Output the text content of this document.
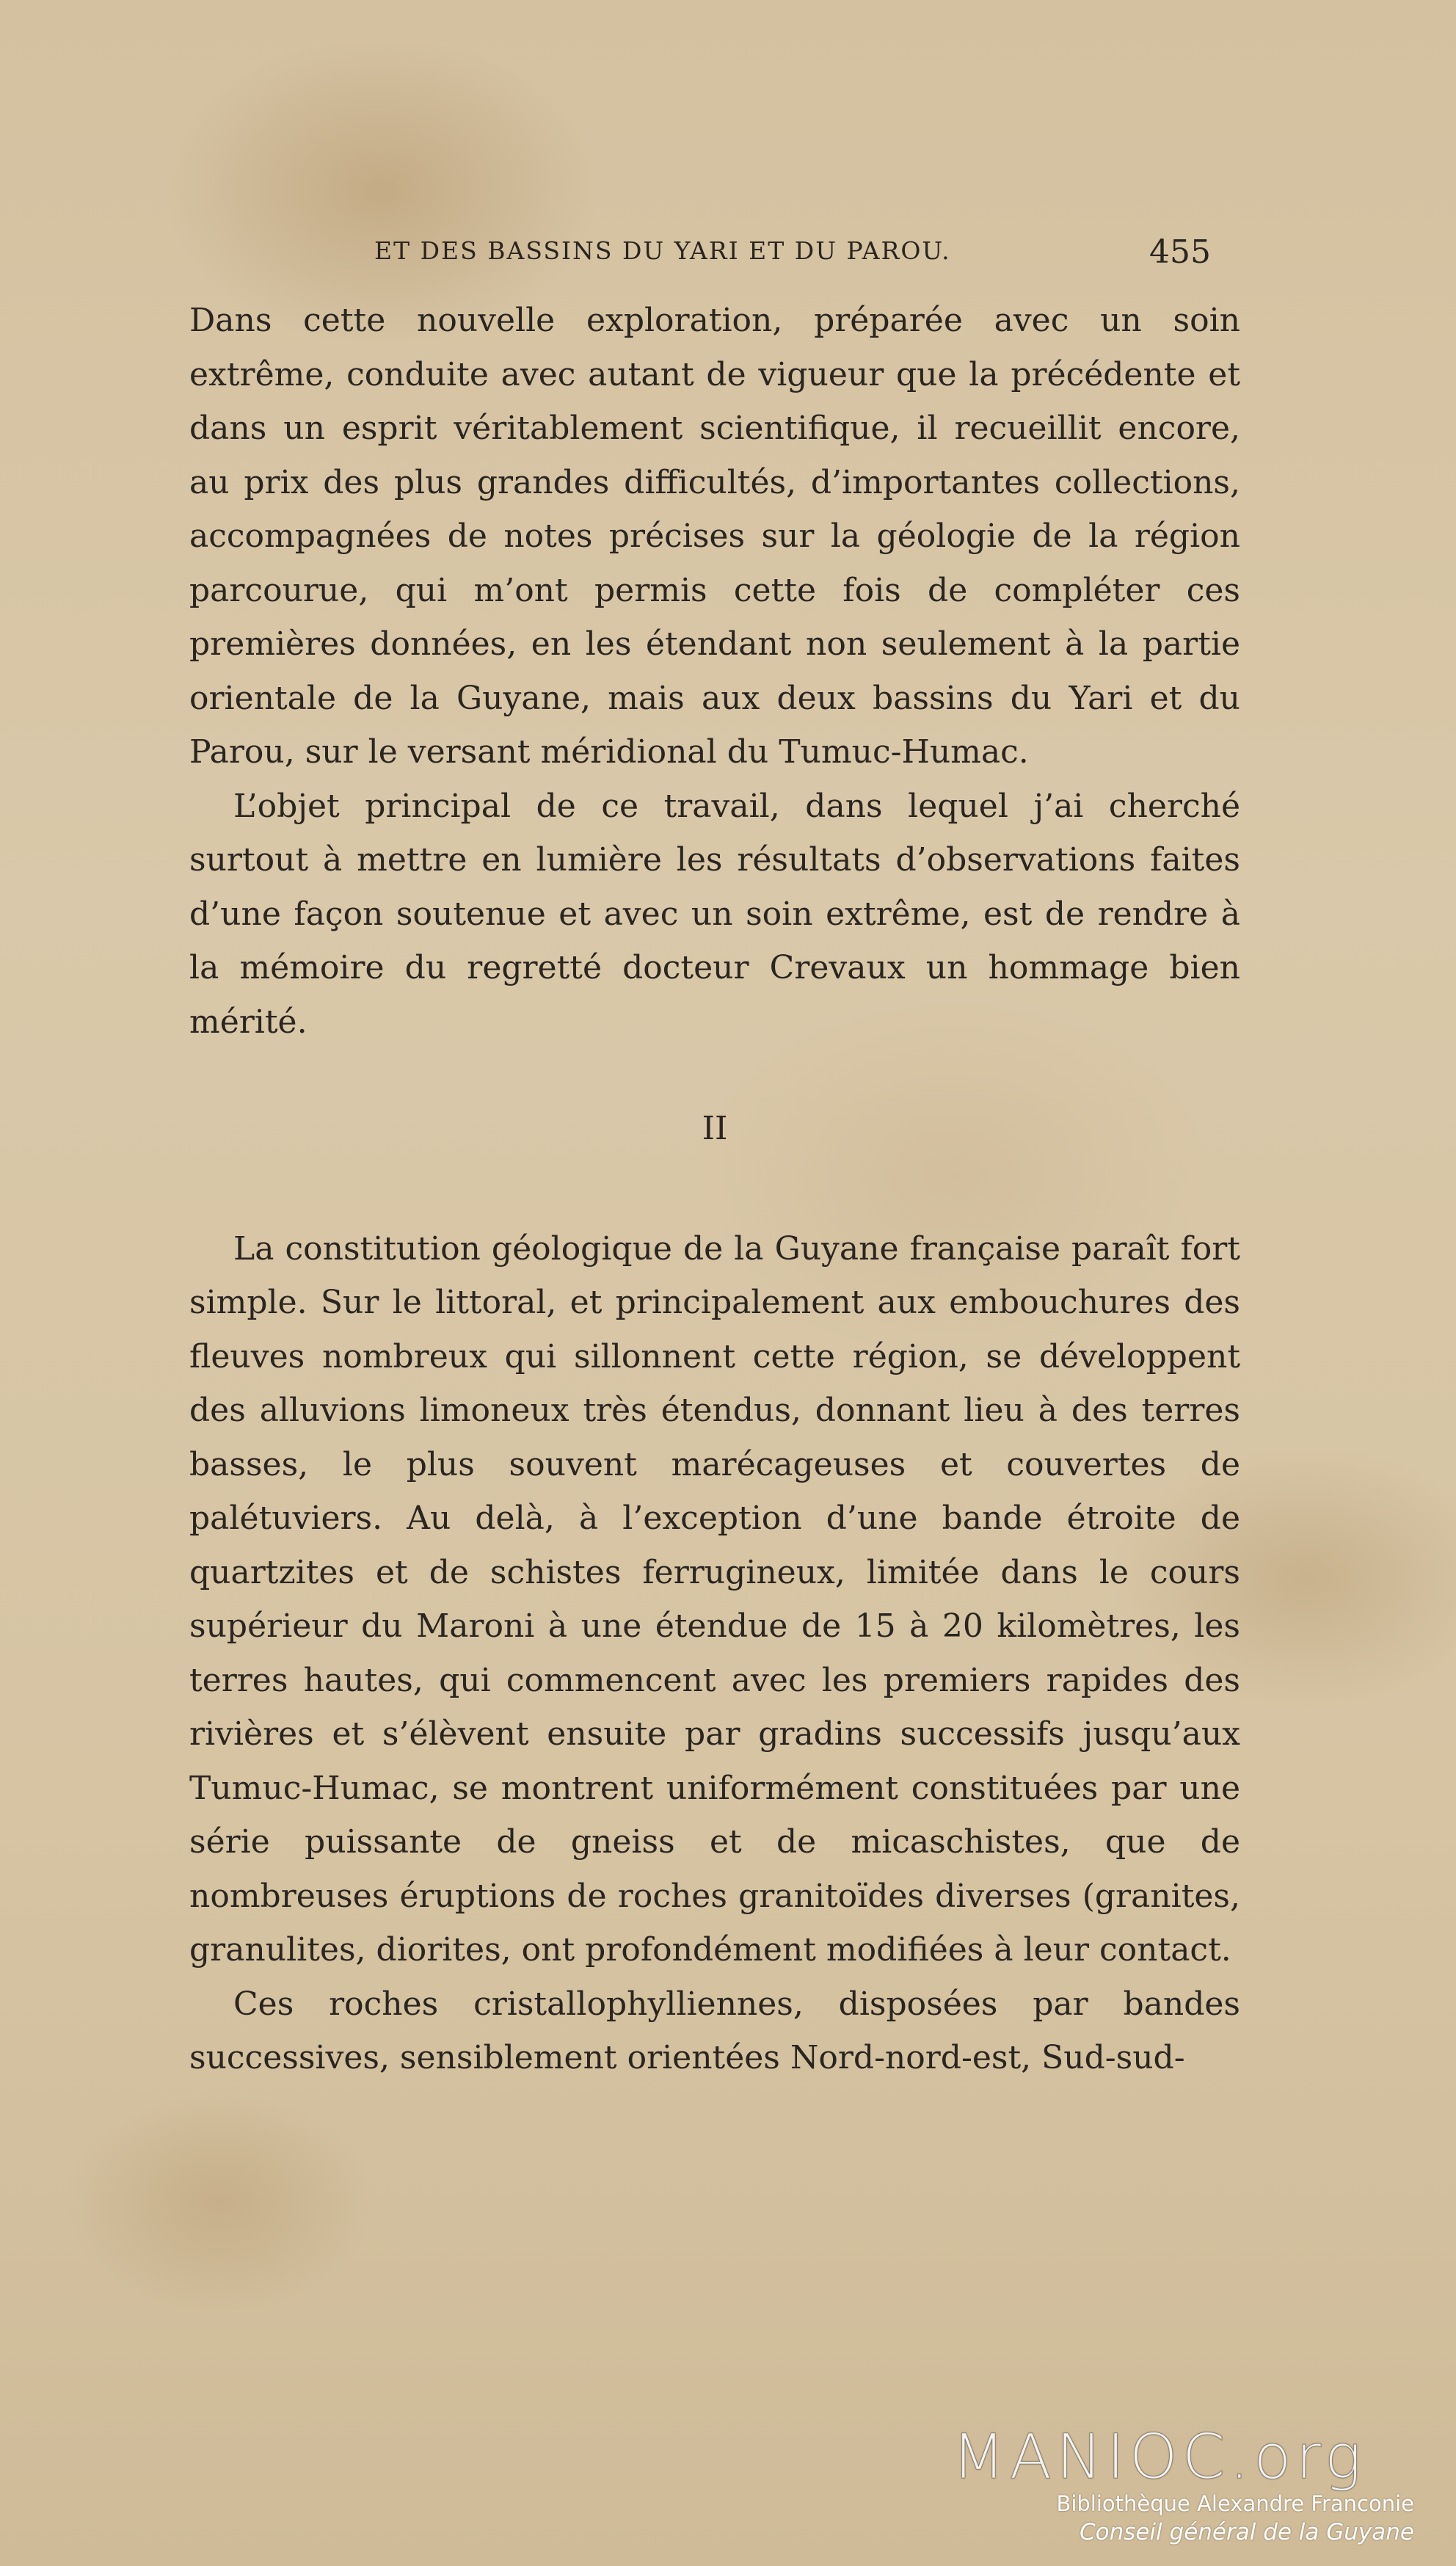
ET DES BASSINS DU YARI ET DU PAROU.	455

Dans cette nouvelle exploration, préparée avec un soin extrême, conduite avec autant de vigueur que la précédente et dans un esprit véritablement scientifique, il recueillit encore, au prix des plus grandes difficultés, d’importantes collections, accompagnées de notes précises sur la géologie de la région parcourue, qui m’ont permis cette fois de compléter ces premières données, en les étendant non seulement à la partie orientale de la Guyane, mais aux deux bassins du Yari et du Parou, sur le versant méridional du Tumuc-Humac.

L’objet principal de ce travail, dans lequel j’ai cherché surtout à mettre en lumière les résultats d’observations faites d’une façon soutenue et avec un soin extrême, est de rendre à la mémoire du regretté docteur Crevaux un hommage bien mérité.

II

La constitution géologique de la Guyane française paraît fort simple. Sur le littoral, et principalement aux embouchures des fleuves nombreux qui sillonnent cette région, se développent des alluvions limoneux très étendus, donnant lieu à des terres basses, le plus souvent marécageuses et couvertes de palétuviers. Au delà, à l’exception d’une bande étroite de quartzites et de schistes ferrugineux, limitée dans le cours supérieur du Maroni à une étendue de 15 à 20 kilomètres, les terres hautes, qui commencent avec les premiers rapides des rivières et s’élèvent ensuite par gradins successifs jusqu’aux Tumuc-Humac, se montrent uniformément constituées par une série puissante de gneiss et de micaschistes, que de nombreuses éruptions de roches granitoïdes diverses (granites, granulites, diorites, ont profondément modifiées à leur contact.

Ces roches cristallophylliennes, disposées par bandes successives, sensiblement orientées Nord-nord-est, Sud-sud-

MANIOC.org
Bibliothèque Alexandre Franconie
Conseil général de la Guyane
